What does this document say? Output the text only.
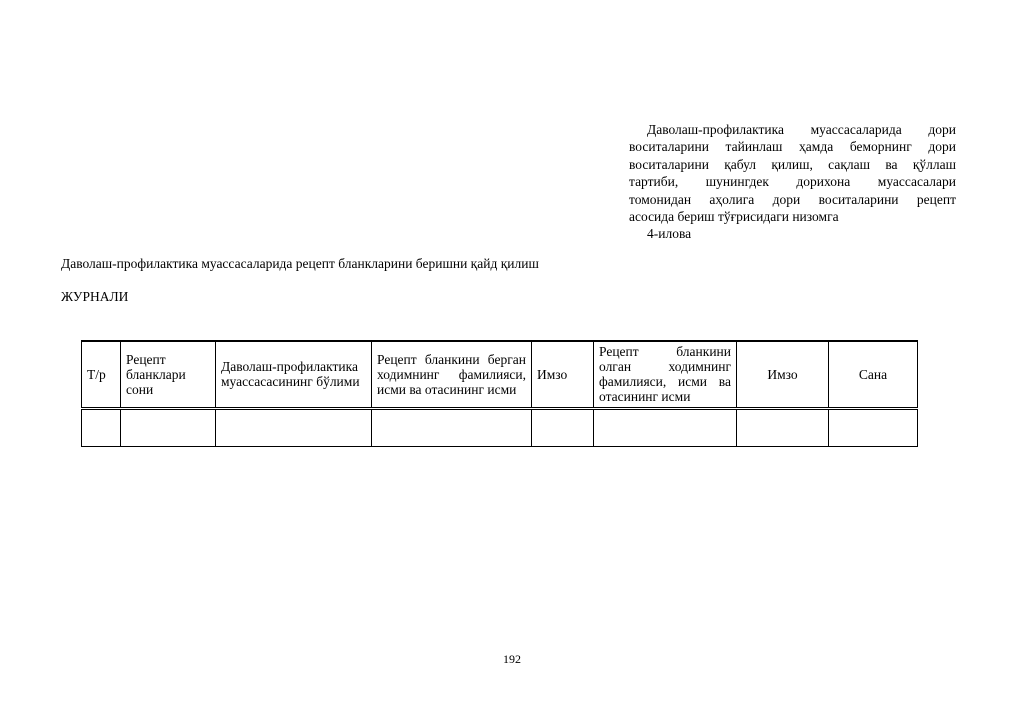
Даволаш-профилактика муассасаларида дори
воситаларини тайинлаш ҳамда беморнинг дори
воситаларини қабул қилиш, сақлаш ва қўллаш
тартиби, шунингдек дорихона муассасалари
томонидан аҳолига дори воситаларини рецепт
асосида бериш тўғрисидаги низомга
4-илова
Даволаш-профилактика муассасаларида рецепт бланкларини беришни қайд қилиш
ЖУРНАЛИ
Т/р	Рецепт бланклари сони	Даволаш-профилактика муассасасининг бўлими	Рецепт бланкини берган ходимнинг фамилияси, исми ва отасининг исми	Имзо	Рецепт бланкини олган ходимнинг фамилияси, исми ва отасининг исми	Имзо	Сана

192
